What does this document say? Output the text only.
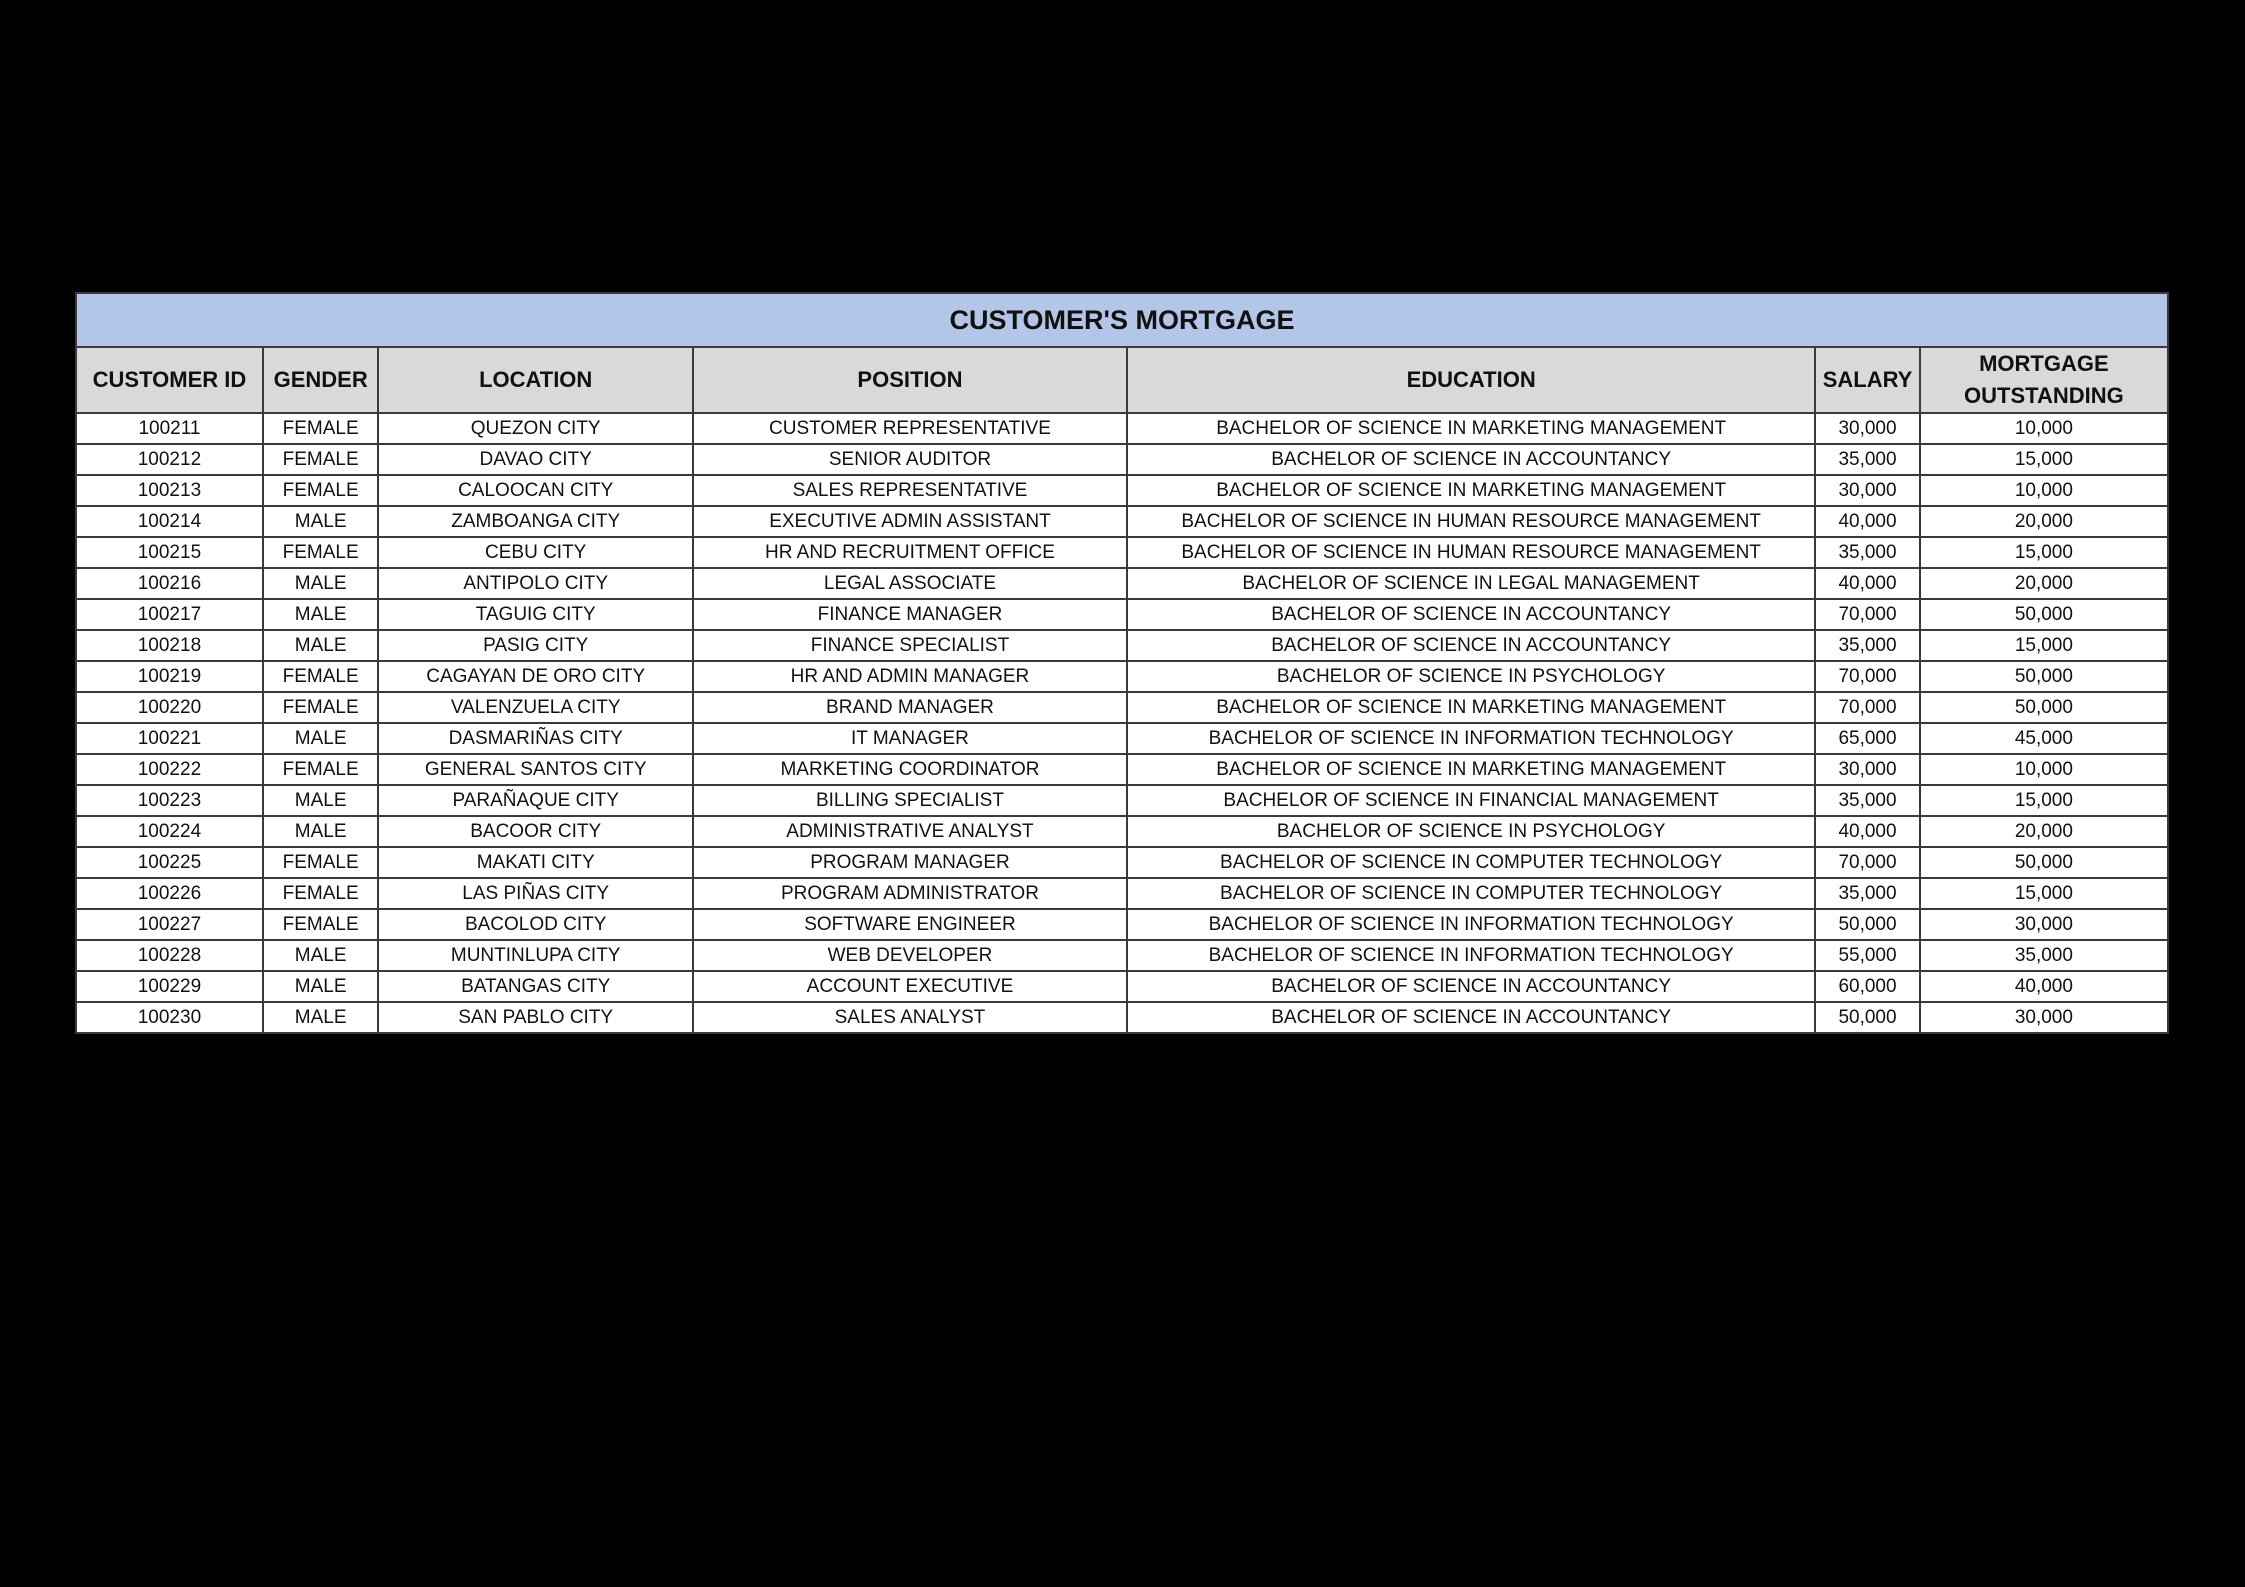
CUSTOMER'S MORTGAGE						
CUSTOMER ID	GENDER	LOCATION	POSITION	EDUCATION	SALARY	MORTGAGE OUTSTANDING
100211	FEMALE	QUEZON CITY	CUSTOMER REPRESENTATIVE	BACHELOR OF SCIENCE IN MARKETING MANAGEMENT	30,000	10,000
100212	FEMALE	DAVAO CITY	SENIOR AUDITOR	BACHELOR OF SCIENCE IN ACCOUNTANCY	35,000	15,000
100213	FEMALE	CALOOCAN CITY	SALES REPRESENTATIVE	BACHELOR OF SCIENCE IN MARKETING MANAGEMENT	30,000	10,000
100214	MALE	ZAMBOANGA CITY	EXECUTIVE ADMIN ASSISTANT	BACHELOR OF SCIENCE IN HUMAN RESOURCE MANAGEMENT	40,000	20,000
100215	FEMALE	CEBU CITY	HR AND RECRUITMENT OFFICE	BACHELOR OF SCIENCE IN HUMAN RESOURCE MANAGEMENT	35,000	15,000
100216	MALE	ANTIPOLO CITY	LEGAL ASSOCIATE	BACHELOR OF SCIENCE IN LEGAL MANAGEMENT	40,000	20,000
100217	MALE	TAGUIG CITY	FINANCE MANAGER	BACHELOR OF SCIENCE IN ACCOUNTANCY	70,000	50,000
100218	MALE	PASIG CITY	FINANCE SPECIALIST	BACHELOR OF SCIENCE IN ACCOUNTANCY	35,000	15,000
100219	FEMALE	CAGAYAN DE ORO CITY	HR AND ADMIN MANAGER	BACHELOR OF SCIENCE IN PSYCHOLOGY	70,000	50,000
100220	FEMALE	VALENZUELA CITY	BRAND MANAGER	BACHELOR OF SCIENCE IN MARKETING MANAGEMENT	70,000	50,000
100221	MALE	DASMARIÑAS CITY	IT MANAGER	BACHELOR OF SCIENCE IN INFORMATION TECHNOLOGY	65,000	45,000
100222	FEMALE	GENERAL SANTOS CITY	MARKETING COORDINATOR	BACHELOR OF SCIENCE IN MARKETING MANAGEMENT	30,000	10,000
100223	MALE	PARAÑAQUE CITY	BILLING SPECIALIST	BACHELOR OF SCIENCE IN FINANCIAL MANAGEMENT	35,000	15,000
100224	MALE	BACOOR CITY	ADMINISTRATIVE ANALYST	BACHELOR OF SCIENCE IN PSYCHOLOGY	40,000	20,000
100225	FEMALE	MAKATI CITY	PROGRAM MANAGER	BACHELOR OF SCIENCE IN COMPUTER TECHNOLOGY	70,000	50,000
100226	FEMALE	LAS PIÑAS CITY	PROGRAM ADMINISTRATOR	BACHELOR OF SCIENCE IN COMPUTER TECHNOLOGY	35,000	15,000
100227	FEMALE	BACOLOD CITY	SOFTWARE ENGINEER	BACHELOR OF SCIENCE IN INFORMATION TECHNOLOGY	50,000	30,000
100228	MALE	MUNTINLUPA CITY	WEB DEVELOPER	BACHELOR OF SCIENCE IN INFORMATION TECHNOLOGY	55,000	35,000
100229	MALE	BATANGAS CITY	ACCOUNT EXECUTIVE	BACHELOR OF SCIENCE IN ACCOUNTANCY	60,000	40,000
100230	MALE	SAN PABLO CITY	SALES ANALYST	BACHELOR OF SCIENCE IN ACCOUNTANCY	50,000	30,000
